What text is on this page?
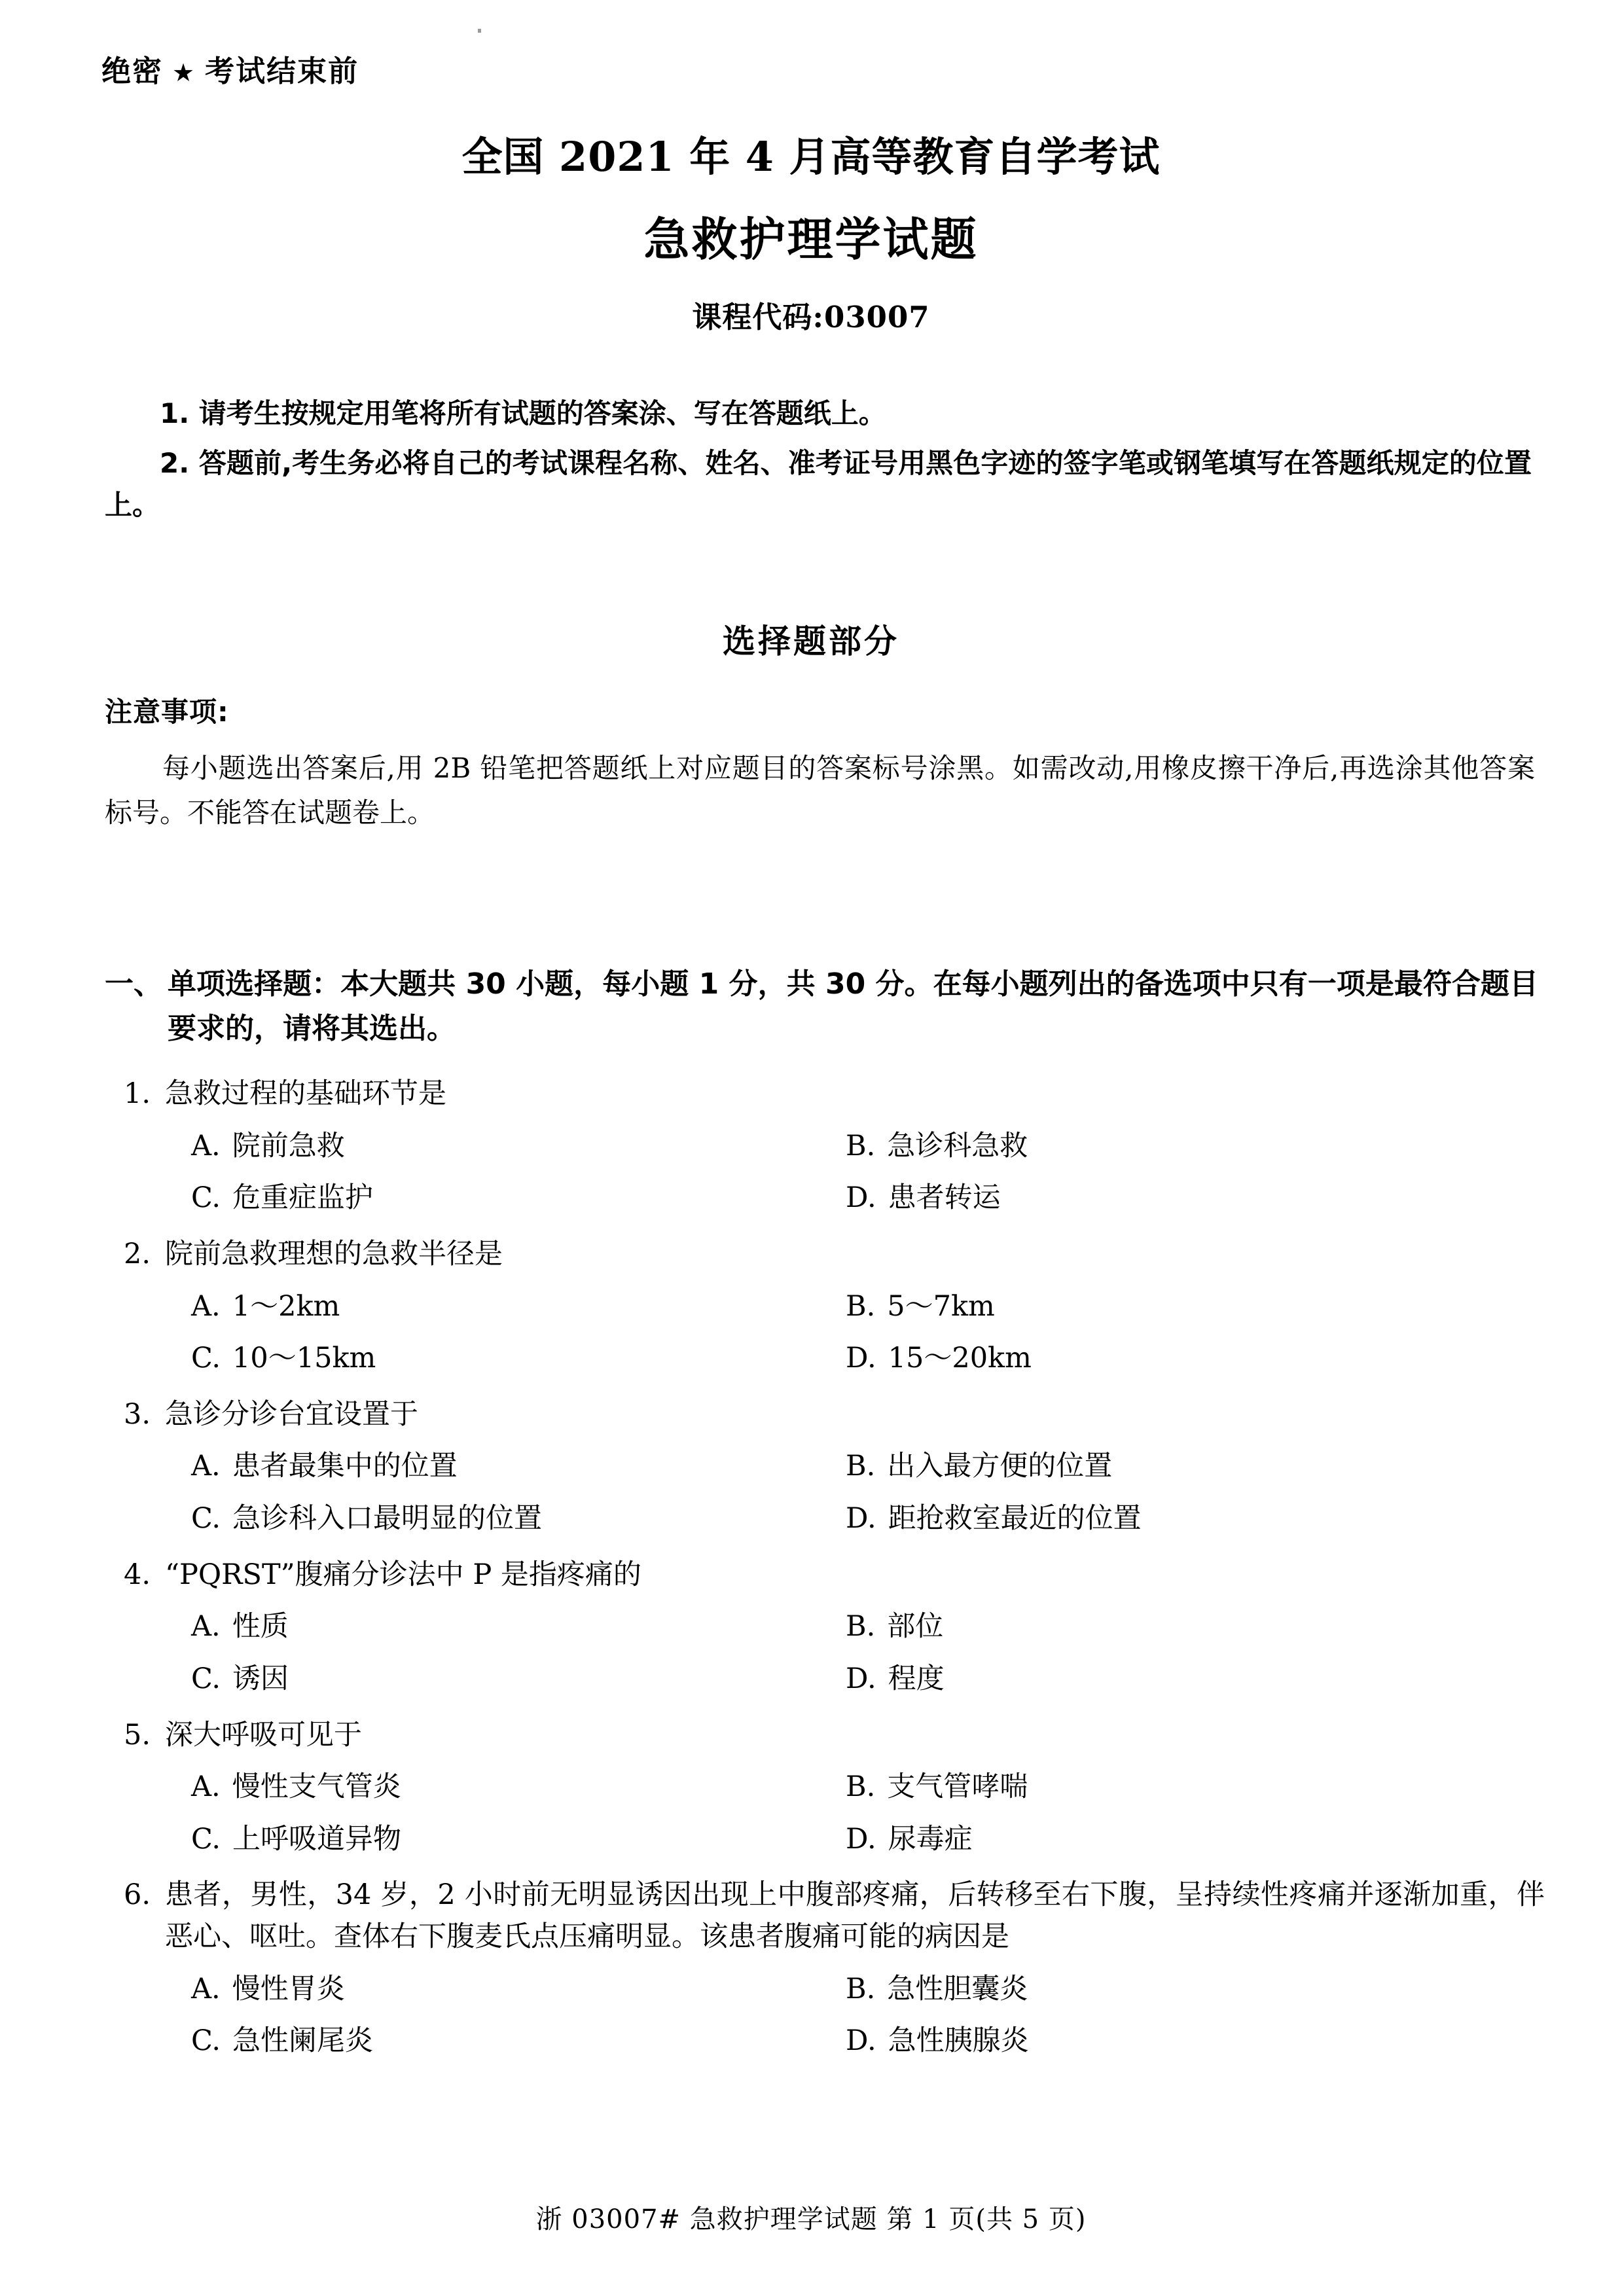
绝密 ★ 考试结束前
全国 2021 年 4 月高等教育自学考试
急救护理学试题
课程代码:03007

1. 请考生按规定用笔将所有试题的答案涂、写在答题纸上。

2. 答题前,考生务必将自己的考试课程名称、姓名、准考证号用黑色字迹的签字笔或钢笔填写在答题纸规定的位置上。

选择题部分
注意事项:

每小题选出答案后,用 2B 铅笔把答题纸上对应题目的答案标号涂黑。如需改动,用橡皮擦干净后,再选涂其他答案标号。不能答在试题卷上。

一、 单项选择题：本大题共 30 小题，每小题 1 分，共 30 分。在每小题列出的备选项中只有一项是最符合题目要求的，请将其选出。
1. 急救过程的基础环节是
A. 院前急救	B. 急诊科急救
C. 危重症监护	D. 患者转运
2. 院前急救理想的急救半径是
A. 1～2km	B. 5～7km
C. 10～15km	D. 15～20km
3. 急诊分诊台宜设置于
A. 患者最集中的位置	B. 出入最方便的位置
C. 急诊科入口最明显的位置	D. 距抢救室最近的位置
4. “PQRST”腹痛分诊法中 P 是指疼痛的
A. 性质	B. 部位
C. 诱因	D. 程度
5. 深大呼吸可见于
A. 慢性支气管炎	B. 支气管哮喘
C. 上呼吸道异物	D. 尿毒症
6. 患者，男性，34 岁，2 小时前无明显诱因出现上中腹部疼痛，后转移至右下腹，呈持续性疼痛并逐渐加重，伴恶心、呕吐。查体右下腹麦氏点压痛明显。该患者腹痛可能的病因是
A. 慢性胃炎	B. 急性胆囊炎
C. 急性阑尾炎	D. 急性胰腺炎
浙 03007# 急救护理学试题 第 1 页(共 5 页)
